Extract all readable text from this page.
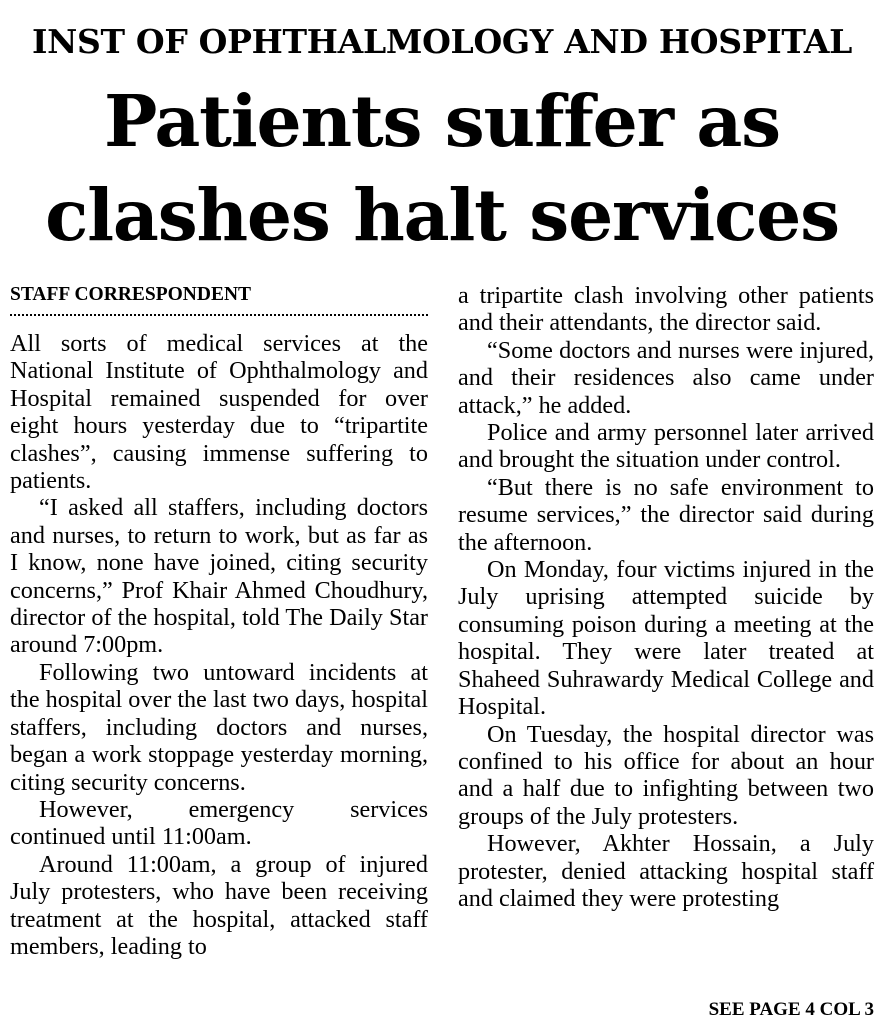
INST OF OPHTHALMOLOGY AND HOSPITAL
Patients suffer as
clashes halt services
STAFF CORRESPONDENT

All sorts of medical services at the National Institute of Ophthalmology and Hospital remained suspended for over eight hours yesterday due to “tripartite clashes”, causing immense suffering to patients.

“I asked all staffers, including doctors and nurses, to return to work, but as far as I know, none have joined, citing security concerns,” Prof Khair Ahmed Choudhury, director of the hospital, told The Daily Star around 7:00pm.

Following two untoward incidents at the hospital over the last two days, hospital staffers, including doctors and nurses, began a work stoppage yesterday morning, citing security concerns.

However, emergency services continued until 11:00am.

Around 11:00am, a group of injured July protesters, who have been receiving treatment at the hospital, attacked staff members, leading to

a tripartite clash involving other patients and their attendants, the director said.

“Some doctors and nurses were injured, and their residences also came under attack,” he added.

Police and army personnel later arrived and brought the situation under control.

“But there is no safe environment to resume services,” the director said during the afternoon.

On Monday, four victims injured in the July uprising attempted suicide by consuming poison during a meeting at the hospital. They were later treated at Shaheed Suhrawardy Medical College and Hospital.

On Tuesday, the hospital director was confined to his office for about an hour and a half due to infighting between two groups of the July protesters.

However, Akhter Hossain, a July protester, denied attacking hospital staff and claimed they were protesting

SEE PAGE 4 COL 3
